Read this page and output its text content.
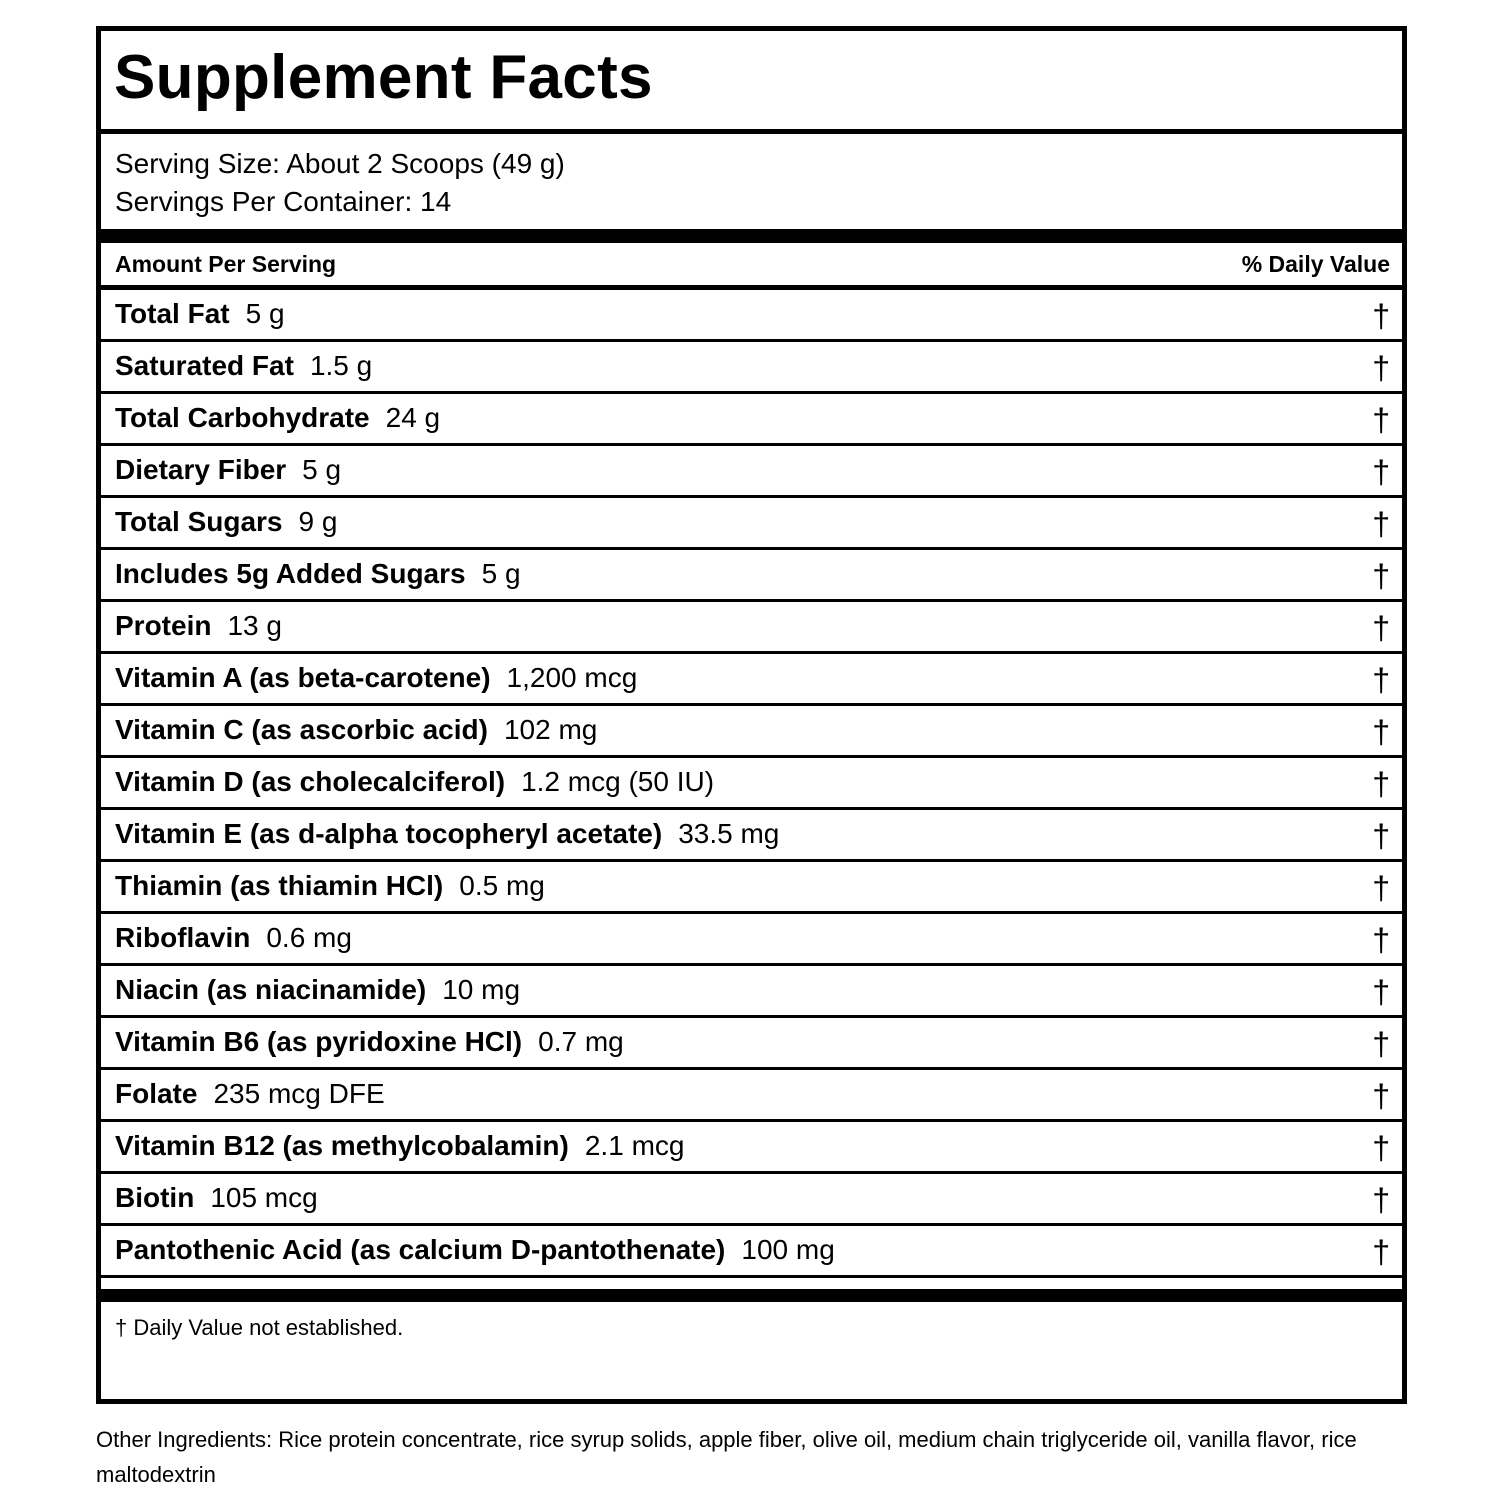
Supplement Facts
Serving Size: About 2 Scoops (49 g)
Servings Per Container: 14
Amount Per Serving	% Daily Value
Total Fat 5 g	†
Saturated Fat 1.5 g	†
Total Carbohydrate 24 g	†
Dietary Fiber 5 g	†
Total Sugars 9 g	†
Includes 5g Added Sugars 5 g	†
Protein 13 g	†
Vitamin A (as beta-carotene) 1,200 mcg	†
Vitamin C (as ascorbic acid) 102 mg	†
Vitamin D (as cholecalciferol) 1.2 mcg (50 IU)	†
Vitamin E (as d-alpha tocopheryl acetate) 33.5 mg	†
Thiamin (as thiamin HCl) 0.5 mg	†
Riboflavin 0.6 mg	†
Niacin (as niacinamide) 10 mg	†
Vitamin B6 (as pyridoxine HCl) 0.7 mg	†
Folate 235 mcg DFE	†
Vitamin B12 (as methylcobalamin) 2.1 mcg	†
Biotin 105 mcg	†
Pantothenic Acid (as calcium D-pantothenate) 100 mg	†
† Daily Value not established.

Other Ingredients: Rice protein concentrate, rice syrup solids, apple fiber, olive oil, medium chain triglyceride oil, vanilla flavor, rice maltodextrin
